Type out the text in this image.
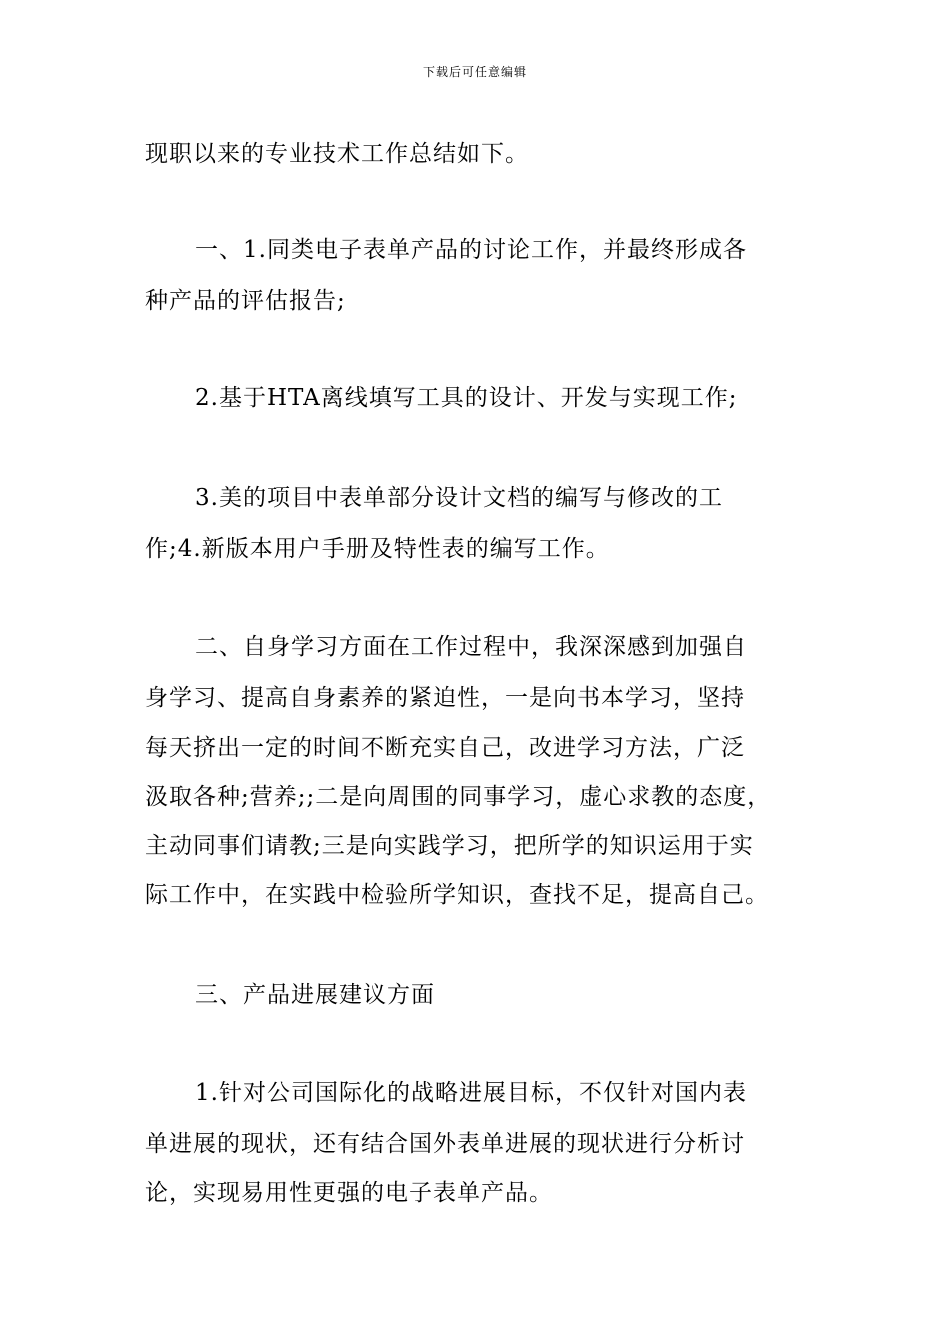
下载后可任意编辑
现职以来的专业技术工作总结如下。
一、1.同类电子表单产品的讨论工作，并最终形成各
种产品的评估报告;
2.基于HTA离线填写工具的设计、开发与实现工作;
3.美的项目中表单部分设计文档的编写与修改的工
作;4.新版本用户手册及特性表的编写工作。
二、自身学习方面在工作过程中，我深深感到加强自
身学习、提高自身素养的紧迫性，一是向书本学习，坚持
每天挤出一定的时间不断充实自己，改进学习方法，广泛
汲取各种;营养;;二是向周围的同事学习，虚心求教的态度，
主动同事们请教;三是向实践学习，把所学的知识运用于实
际工作中，在实践中检验所学知识，查找不足，提高自己。
三、产品进展建议方面
1.针对公司国际化的战略进展目标，不仅针对国内表
单进展的现状，还有结合国外表单进展的现状进行分析讨
论，实现易用性更强的电子表单产品。
